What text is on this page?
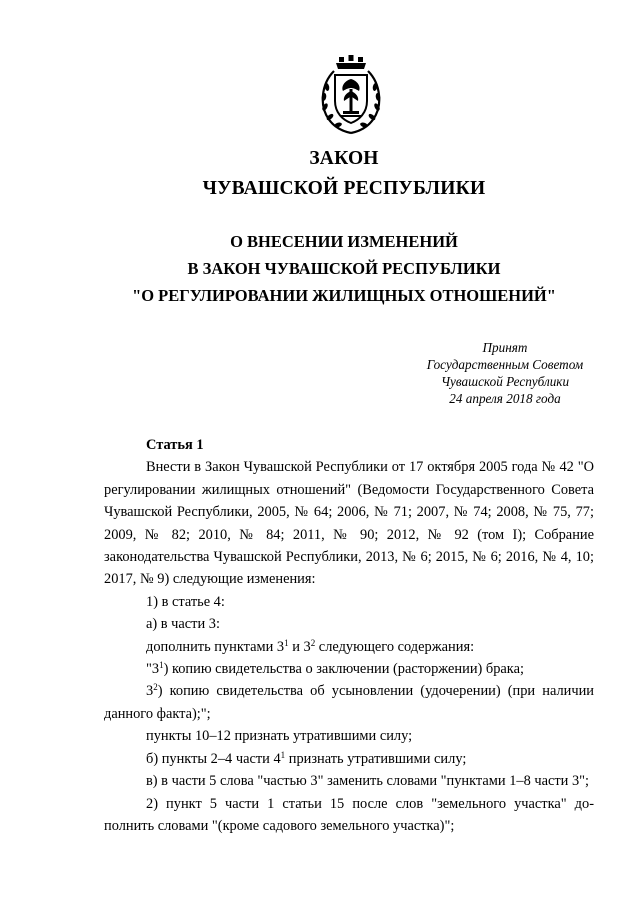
ЗАКОН
ЧУВАШСКОЙ РЕСПУБЛИКИ
О ВНЕСЕНИИ ИЗМЕНЕНИЙ
В ЗАКОН ЧУВАШСКОЙ РЕСПУБЛИКИ
"О РЕГУЛИРОВАНИИ ЖИЛИЩНЫХ ОТНОШЕНИЙ"
Принят
Государственным Советом
Чувашской Республики
24 апреля 2018 года

Статья 1

Внести в Закон Чувашской Республики от 17 октября 2005 года № 42 "О регулировании жилищных отношений" (Ведомости Государственного Совета Чувашской Республики, 2005, № 64; 2006, № 71; 2007, № 74; 2008, № 75, 77; 2009, № 82; 2010, № 84; 2011, № 90; 2012, № 92 (том I); Собрание законодательства Чувашской Республики, 2013, № 6; 2015, № 6; 2016, № 4, 10; 2017, № 9) следующие изменения:

1) в статье 4:

а) в части 3:

дополнить пунктами $3^1$ и $3^2$ следующего содержания:

"$3^1$) копию свидетельства о заключении (расторжении) брака;

$3^2$) копию свидетельства об усыновлении (удочерении) (при наличии данного факта);";

пункты 10–12 признать утратившими силу;

б) пункты 2–4 части $4^1$ признать утратившими силу;

в) в части 5 слова "частью 3" заменить словами "пунктами 1–8 части 3";

2) пункт 5 части 1 статьи 15 после слов "земельного участка" до-полнить словами "(кроме садового земельного участка)";
